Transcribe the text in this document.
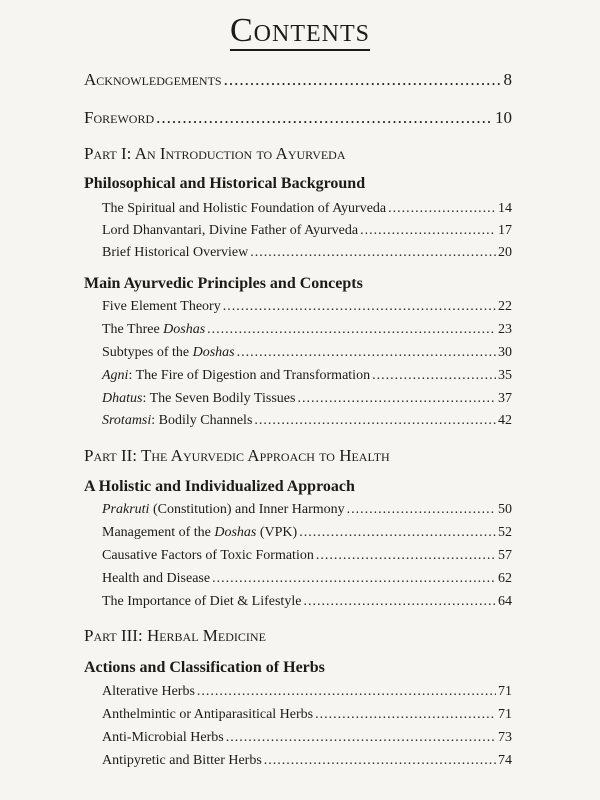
Contents
Acknowledgements .....	8
Foreword .....	10
Part I: An Introduction to Ayurveda
Philosophical and Historical Background
The Spiritual and Holistic Foundation of Ayurveda .....	14
Lord Dhanvantari, Divine Father of Ayurveda .....	17
Brief Historical Overview .....	20
Main Ayurvedic Principles and Concepts
Five Element Theory .....	22
The Three Doshas .....	23
Subtypes of the Doshas .....	30
Agni: The Fire of Digestion and Transformation .....	35
Dhatus: The Seven Bodily Tissues .....	37
Srotamsi: Bodily Channels .....	42
Part II: The Ayurvedic Approach to Health
A Holistic and Individualized Approach
Prakruti (Constitution) and Inner Harmony .....	50
Management of the Doshas (VPK) .....	52
Causative Factors of Toxic Formation .....	57
Health and Disease .....	62
The Importance of Diet & Lifestyle .....	64
Part III: Herbal Medicine
Actions and Classification of Herbs
Alterative Herbs .....	71
Anthelmintic or Antiparasitical Herbs .....	71
Anti-Microbial Herbs .....	73
Antipyretic and Bitter Herbs .....	74
